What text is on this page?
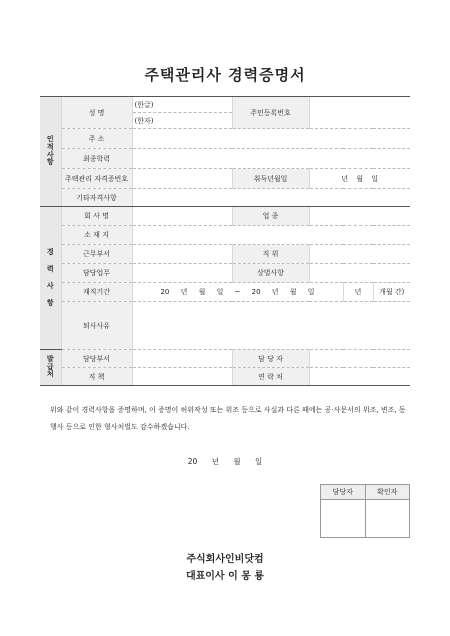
주택관리사 경력증명서
인
적
사
항	성 명	(한글)	주민등록번호			
		(한자)				
	주 소					
	최종학력					
	주택관리 자격증번호		취득년월일	년 월 일		
	기타자격사항					

경
력
사
항	회 사 명		업 종			
	소 재 지					
	근무부서		직 위			
	담당업무		상벌사항			
	재직기간	20 년 월 일 ~ 20 년 월 일			년	개월 간)
	퇴사사유					

발
급
처	담당부서		담 당 자			
	직 책		연 락 처			
위와 같이 경력사항을 증명하며, 이 증명이 허위작성 또는 위조 등으로 사실과 다른 때에는 공·사문서의 위조, 변조, 동행사 등으로 인한 형사처벌도 감수하겠습니다.
20 년 월 일
담당자	확인자

주식회사인비닷컴
대표이사 이 몽 룡
